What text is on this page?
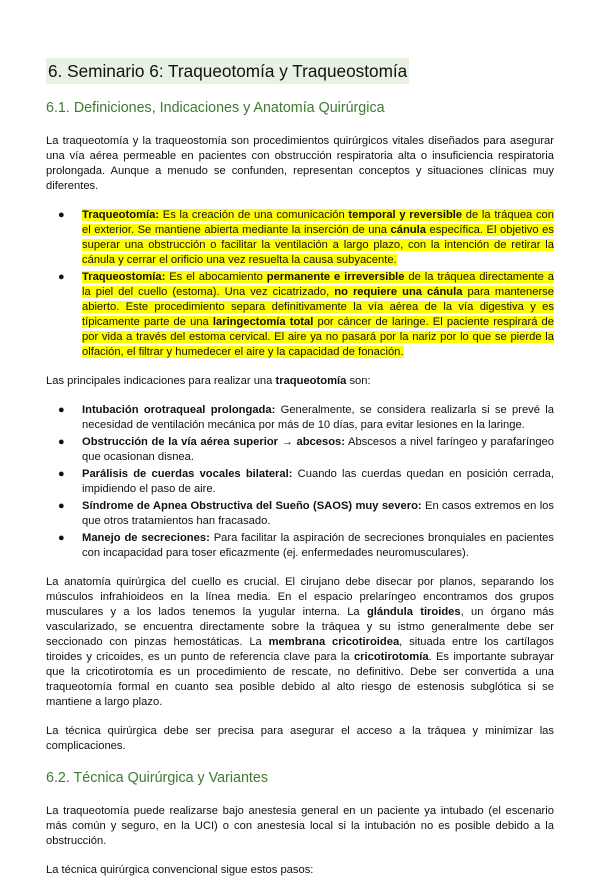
6. Seminario 6: Traqueotomía y Traqueostomía
6.1. Definiciones, Indicaciones y Anatomía Quirúrgica

La traqueotomía y la traqueostomía son procedimientos quirúrgicos vitales diseñados para asegurar una vía aérea permeable en pacientes con obstrucción respiratoria alta o insuficiencia respiratoria prolongada. Aunque a menudo se confunden, representan conceptos y situaciones clínicas muy diferentes.

● Traqueotomía: Es la creación de una comunicación temporal y reversible de la tráquea con el exterior. Se mantiene abierta mediante la inserción de una cánula específica. El objetivo es superar una obstrucción o facilitar la ventilación a largo plazo, con la intención de retirar la cánula y cerrar el orificio una vez resuelta la causa subyacente.
● Traqueostomía: Es el abocamiento permanente e irreversible de la tráquea directamente a la piel del cuello (estoma). Una vez cicatrizado, no requiere una cánula para mantenerse abierto. Este procedimiento separa definitivamente la vía aérea de la vía digestiva y es típicamente parte de una laringectomía total por cáncer de laringe. El paciente respirará de por vida a través del estoma cervical. El aire ya no pasará por la nariz por lo que se pierde la olfación, el filtrar y humedecer el aire y la capacidad de fonación.

Las principales indicaciones para realizar una traqueotomía son:

● Intubación orotraqueal prolongada: Generalmente, se considera realizarla si se prevé la necesidad de ventilación mecánica por más de 10 días, para evitar lesiones en la laringe.
● Obstrucción de la vía aérea superior → abcesos: Abscesos a nivel faríngeo y parafaríngeo que ocasionan disnea.
● Parálisis de cuerdas vocales bilateral: Cuando las cuerdas quedan en posición cerrada, impidiendo el paso de aire.
● Síndrome de Apnea Obstructiva del Sueño (SAOS) muy severo: En casos extremos en los que otros tratamientos han fracasado.
● Manejo de secreciones: Para facilitar la aspiración de secreciones bronquiales en pacientes con incapacidad para toser eficazmente (ej. enfermedades neuromusculares).

La anatomía quirúrgica del cuello es crucial. El cirujano debe disecar por planos, separando los músculos infrahioideos en la línea media. En el espacio prelaríngeo encontramos dos grupos musculares y a los lados tenemos la yugular interna. La glándula tiroides, un órgano más vascularizado, se encuentra directamente sobre la tráquea y su istmo generalmente debe ser seccionado con pinzas hemostáticas. La membrana cricotiroidea, situada entre los cartílagos tiroides y cricoides, es un punto de referencia clave para la cricotirotomía. Es importante subrayar que la cricotirotomía es un procedimiento de rescate, no definitivo. Debe ser convertida a una traqueotomía formal en cuanto sea posible debido al alto riesgo de estenosis subglótica si se mantiene a largo plazo.

La técnica quirúrgica debe ser precisa para asegurar el acceso a la tráquea y minimizar las complicaciones.

6.2. Técnica Quirúrgica y Variantes

La traqueotomía puede realizarse bajo anestesia general en un paciente ya intubado (el escenario más común y seguro, en la UCI) o con anestesia local si la intubación no es posible debido a la obstrucción.

La técnica quirúrgica convencional sigue estos pasos:
